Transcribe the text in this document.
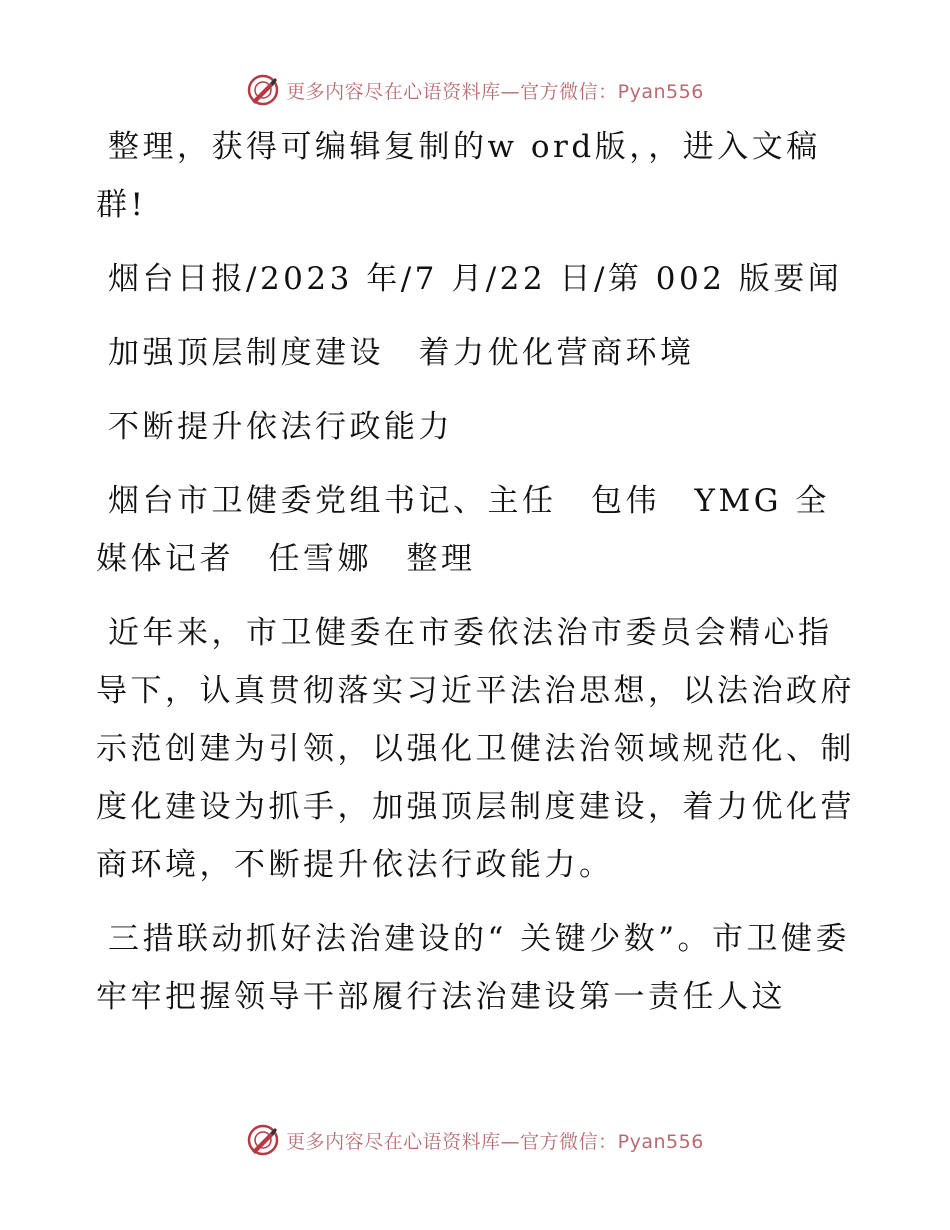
更多内容尽在心语资料库—官方微信：Pyan556

整理，获得可编辑复制的w ord版，，进入文稿群!

烟台日报/2023 年/7 月/22 日/第 002 版要闻

加强顶层制度建设　着力优化营商环境

不断提升依法行政能力

烟台市卫健委党组书记、主任　包伟　YMG 全媒体记者　任雪娜　整理

近年来，市卫健委在市委依法治市委员会精心指导下，认真贯彻落实习近平法治思想，以法治政府示范创建为引领，以强化卫健法治领域规范化、制度化建设为抓手，加强顶层制度建设，着力优化营商环境，不断提升依法行政能力。

三措联动抓好法治建设的“ 关键少数”。市卫健委牢牢把握领导干部履行法治建设第一责任人这

更多内容尽在心语资料库—官方微信：Pyan556
